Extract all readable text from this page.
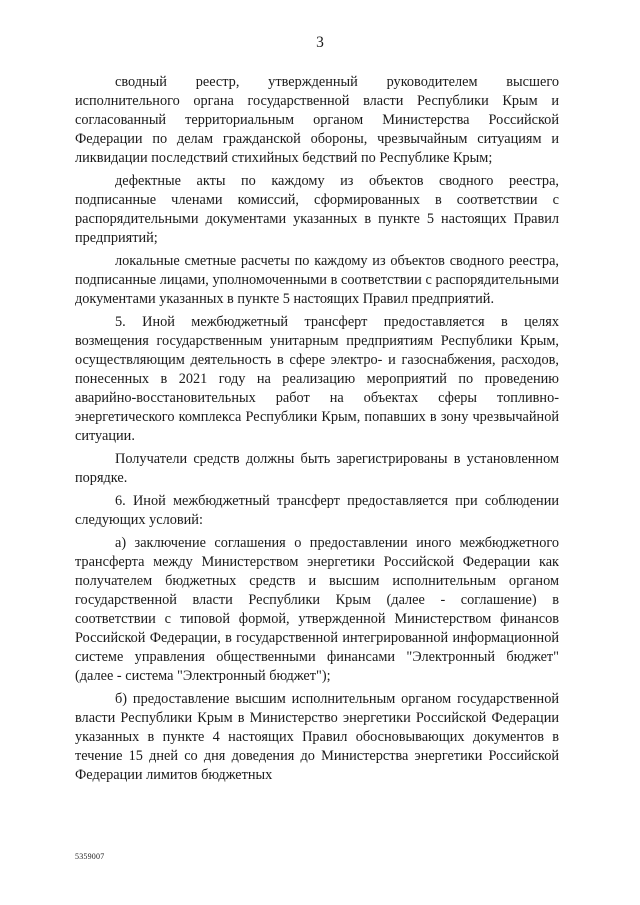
3

сводный реестр, утвержденный руководителем высшего исполнительного органа государственной власти Республики Крым и согласованный территориальным органом Министерства Российской Федерации по делам гражданской обороны, чрезвычайным ситуациям и ликвидации последствий стихийных бедствий по Республике Крым;

дефектные акты по каждому из объектов сводного реестра, подписанные членами комиссий, сформированных в соответствии с распорядительными документами указанных в пункте 5 настоящих Правил предприятий;

локальные сметные расчеты по каждому из объектов сводного реестра, подписанные лицами, уполномоченными в соответствии с распорядительными документами указанных в пункте 5 настоящих Правил предприятий.

5. Иной межбюджетный трансферт предоставляется в целях возмещения государственным унитарным предприятиям Республики Крым, осуществляющим деятельность в сфере электро- и газоснабжения, расходов, понесенных в 2021 году на реализацию мероприятий по проведению аварийно-восстановительных работ на объектах сферы топливно-энергетического комплекса Республики Крым, попавших в зону чрезвычайной ситуации.

Получатели средств должны быть зарегистрированы в установленном порядке.

6. Иной межбюджетный трансферт предоставляется при соблюдении следующих условий:

а) заключение соглашения о предоставлении иного межбюджетного трансферта между Министерством энергетики Российской Федерации как получателем бюджетных средств и высшим исполнительным органом государственной власти Республики Крым (далее - соглашение) в соответствии с типовой формой, утвержденной Министерством финансов Российской Федерации, в государственной интегрированной информационной системе управления общественными финансами "Электронный бюджет" (далее - система "Электронный бюджет");

б) предоставление высшим исполнительным органом государственной власти Республики Крым в Министерство энергетики Российской Федерации указанных в пункте 4 настоящих Правил обосновывающих документов в течение 15 дней со дня доведения до Министерства энергетики Российской Федерации лимитов бюджетных

5359007
